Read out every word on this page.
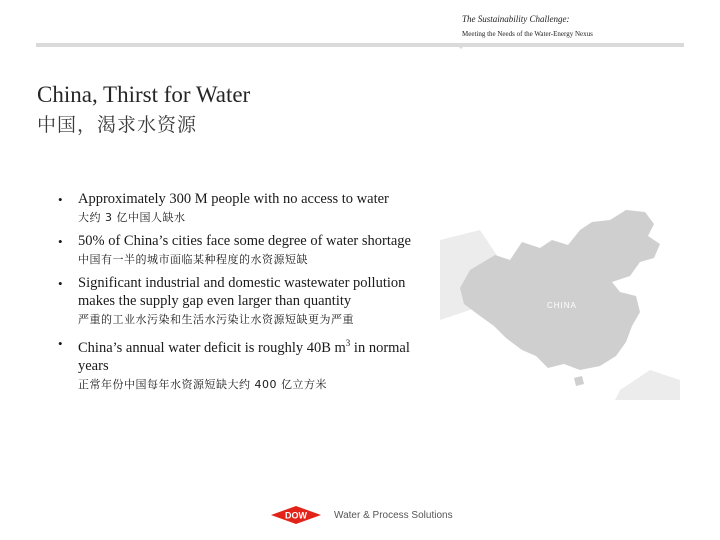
The Sustainability Challenge:
Meeting the Needs of the Water-Energy Nexus
China, Thirst for Water
中国，渴求水资源
• Approximately 300 M people with no access to water
大约 3 亿中国人缺水
• 50% of China’s cities face some degree of water shortage
中国有一半的城市面临某种程度的水资源短缺
• Significant industrial and domestic wastewater pollution makes the supply gap even larger than quantity
严重的工业水污染和生活水污染让水资源短缺更为严重
• China’s annual water deficit is roughly 40B $m^3$ in normal years
正常年份中国每年水资源短缺大约 400 亿立方米
CHINA
DOW	Water & Process Solutions
